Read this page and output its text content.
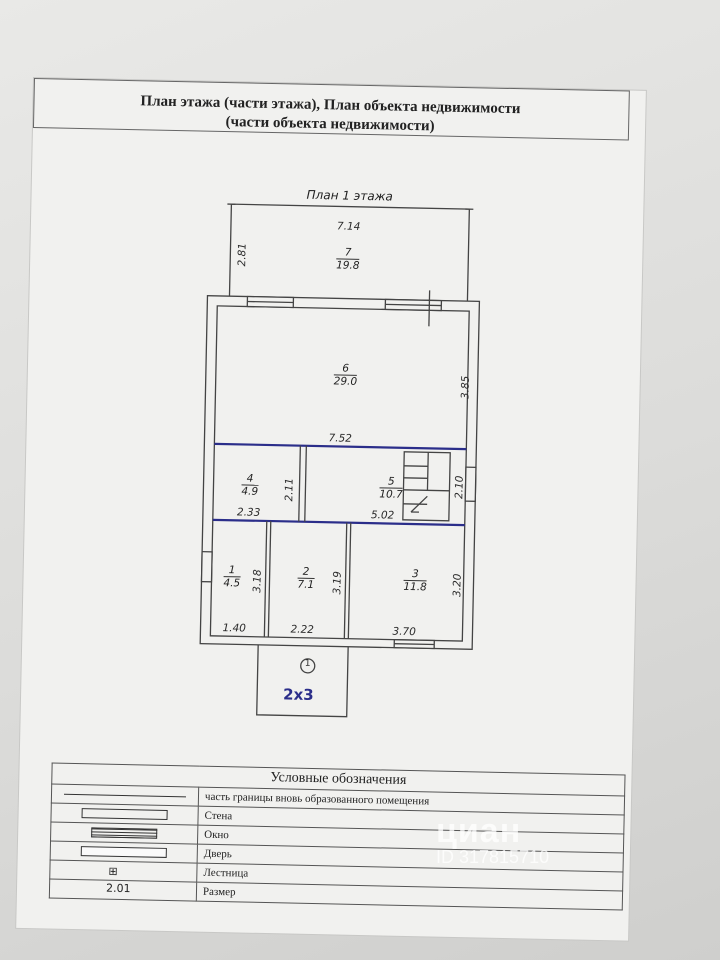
План этажа (части этажа), План объекта недвижимости
(части объекта недвижимости)
План 1 этажа
7.14
2.81
3.85
7.52
2.11	2.10
2.33	5.02
3.18	3.19	3.20
1.40	2.22	3.70
7
19.8
6
29.0
4
4.9
5
10.7
1
4.5
2
7.1
3
11.8
1
2x3
Условные обозначения	

	часть границы вновь образованного помещения

	Стена

	Окно

	Дверь

⊞	Лестница

2.01	Размер
циан
ID 317815710
